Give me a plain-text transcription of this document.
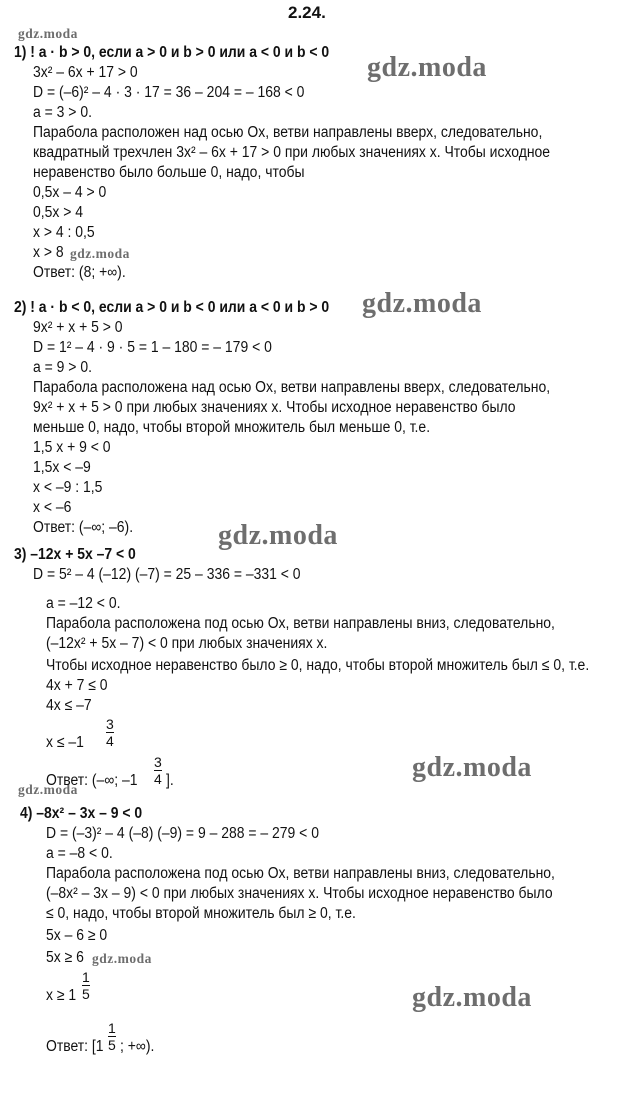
gdz.moda
gdz.moda
gdz.moda
gdz.moda
gdz.moda
gdz.moda
gdz.moda
gdz.moda
gdz.moda
2.24.
1) ! a · b > 0, если a > 0 и b > 0 или a < 0 и b < 0
3x² – 6x + 17 > 0
D = (–6)² – 4 · 3 · 17 = 36 – 204 = – 168 < 0
a = 3 > 0.
Парабола расположен над осью Ox, ветви направлены вверх, следовательно,
квадратный трехчлен 3x² – 6x + 17 > 0 при любых значениях x. Чтобы исходное
неравенство было больше 0, надо, чтобы
0,5x – 4 > 0
0,5x > 4
x > 4 : 0,5
x > 8
Ответ: (8; +∞).
2) ! a · b < 0, если a > 0 и b < 0 или a < 0 и b > 0
9x² + x + 5 > 0
D = 1² – 4 · 9 · 5 = 1 – 180 = – 179 < 0
a = 9 > 0.
Парабола расположена над осью Ox, ветви направлены вверх, следовательно,
9x² + x + 5 > 0 при любых значениях x. Чтобы исходное неравенство было
меньше 0, надо, чтобы второй множитель был меньше 0, т.е.
1,5 x + 9 < 0
1,5x < –9
x < –9 : 1,5
x < –6
Ответ: (–∞; –6).
3) –12x + 5x –7 < 0
D = 5² – 4 (–12) (–7) = 25 – 336 = –331 < 0
a = –12 < 0.
Парабола расположена под осью Ox, ветви направлены вниз, следовательно,
(–12x² + 5x – 7) < 0 при любых значениях x.
Чтобы исходное неравенство было ≥ 0, надо, чтобы второй множитель был ≤ 0, т.е.
4x + 7 ≤ 0
4x ≤ –7
$x \le -1 \frac{3}{4}$
Ответ: (–∞; $-1 \frac{3}{4}$ ].
4) –8x² – 3x – 9 < 0
D = (–3)² – 4 (–8) (–9) = 9 – 288 = – 279 < 0
a = –8 < 0.
Парабола расположена под осью Ox, ветви направлены вниз, следовательно,
(–8x² – 3x – 9) < 0 при любых значениях x. Чтобы исходное неравенство было
≤ 0, надо, чтобы второй множитель был ≥ 0, т.е.
5x – 6 ≥ 0
5x ≥ 6
$x \ge 1 \frac{1}{5}$
Ответ: [$1 \frac{1}{5}$ ; +∞).
